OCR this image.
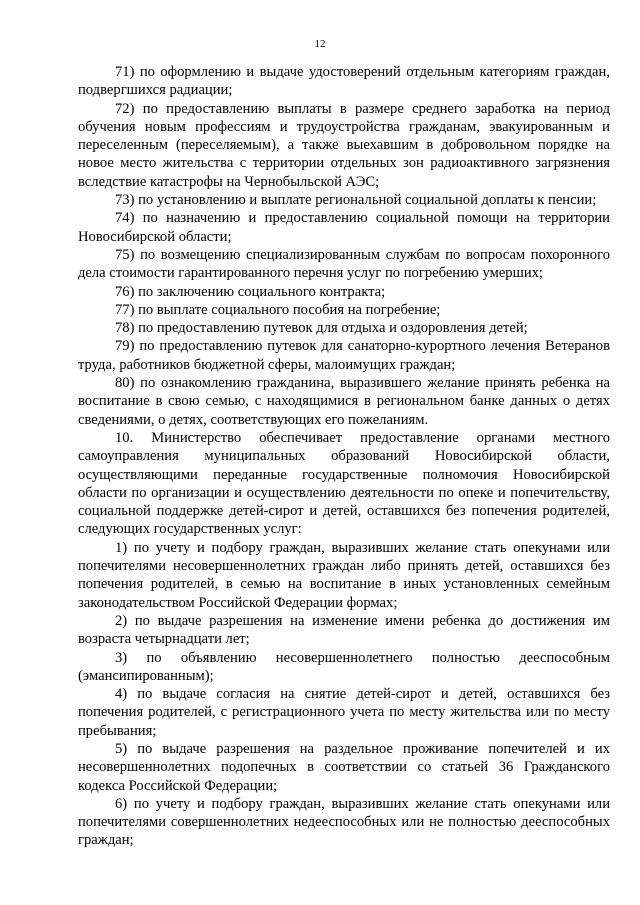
12

71) по оформлению и выдаче удостоверений отдельным категориям граждан, подвергшихся радиации;

72) по предоставлению выплаты в размере среднего заработка на период обучения новым профессиям и трудоустройства гражданам, эвакуированным и переселенным (переселяемым), а также выехавшим в добровольном порядке на новое место жительства с территории отдельных зон радиоактивного загрязнения вследствие катастрофы на Чернобыльской АЭС;

73) по установлению и выплате региональной социальной доплаты к пенсии;

74) по назначению и предоставлению социальной помощи на территории Новосибирской области;

75) по возмещению специализированным службам по вопросам похоронного дела стоимости гарантированного перечня услуг по погребению умерших;

76) по заключению социального контракта;

77) по выплате социального пособия на погребение;

78) по предоставлению путевок для отдыха и оздоровления детей;

79) по предоставлению путевок для санаторно-курортного лечения Ветеранов труда, работников бюджетной сферы, малоимущих граждан;

80) по ознакомлению гражданина, выразившего желание принять ребенка на воспитание в свою семью, с находящимися в региональном банке данных о детях сведениями, о детях, соответствующих его пожеланиям.

10. Министерство обеспечивает предоставление органами местного самоуправления муниципальных образований Новосибирской области, осуществляющими переданные государственные полномочия Новосибирской области по организации и осуществлению деятельности по опеке и попечительству, социальной поддержке детей-сирот и детей, оставшихся без попечения родителей, следующих государственных услуг:

1) по учету и подбору граждан, выразивших желание стать опекунами или попечителями несовершеннолетних граждан либо принять детей, оставшихся без попечения родителей, в семью на воспитание в иных установленных семейным законодательством Российской Федерации формах;

2) по выдаче разрешения на изменение имени ребенка до достижения им возраста четырнадцати лет;

3) по объявлению несовершеннолетнего полностью дееспособным (эмансипированным);

4) по выдаче согласия на снятие детей-сирот и детей, оставшихся без попечения родителей, с регистрационного учета по месту жительства или по месту пребывания;

5) по выдаче разрешения на раздельное проживание попечителей и их несовершеннолетних подопечных в соответствии со статьей 36 Гражданского кодекса Российской Федерации;

6) по учету и подбору граждан, выразивших желание стать опекунами или попечителями совершеннолетних недееспособных или не полностью дееспособных граждан;
